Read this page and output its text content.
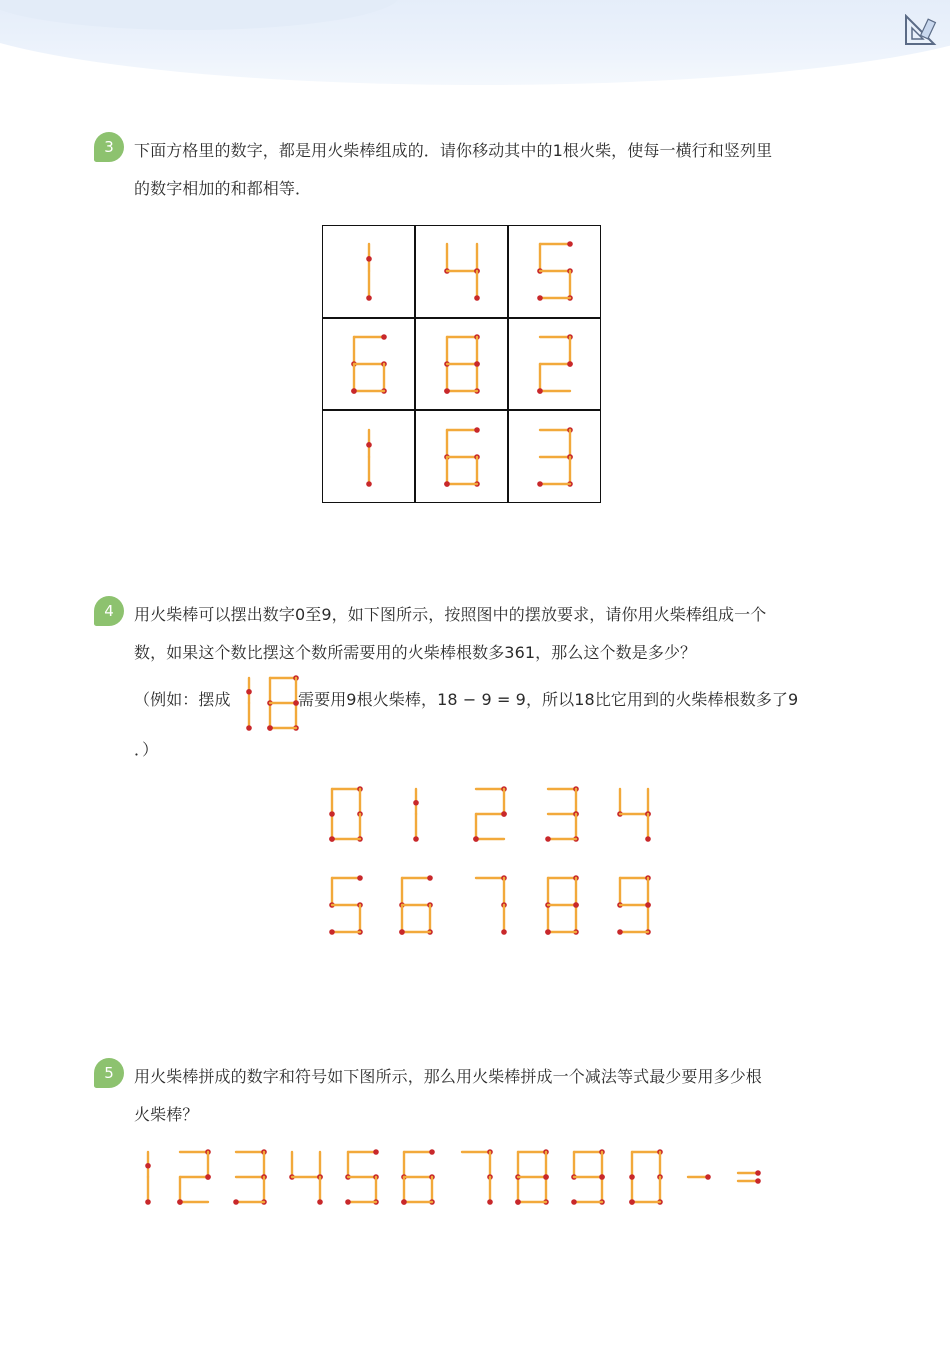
3	下面方格里的数字，都是用火柴棒组成的．请你移动其中的1根火柴，使每一横行和竖列里
的数字相加的和都相等．
4	用火柴棒可以摆出数字0至9，如下图所示，按照图中的摆放要求，请你用火柴棒组成一个
数，如果这个数比摆这个数所需要用的火柴棒根数多361，那么这个数是多少？
（例如：摆成	需要用9根火柴棒，18 − 9 = 9，所以18比它用到的火柴棒根数多了9
．）
5	用火柴棒拼成的数字和符号如下图所示，那么用火柴棒拼成一个减法等式最少要用多少根
火柴棒？
